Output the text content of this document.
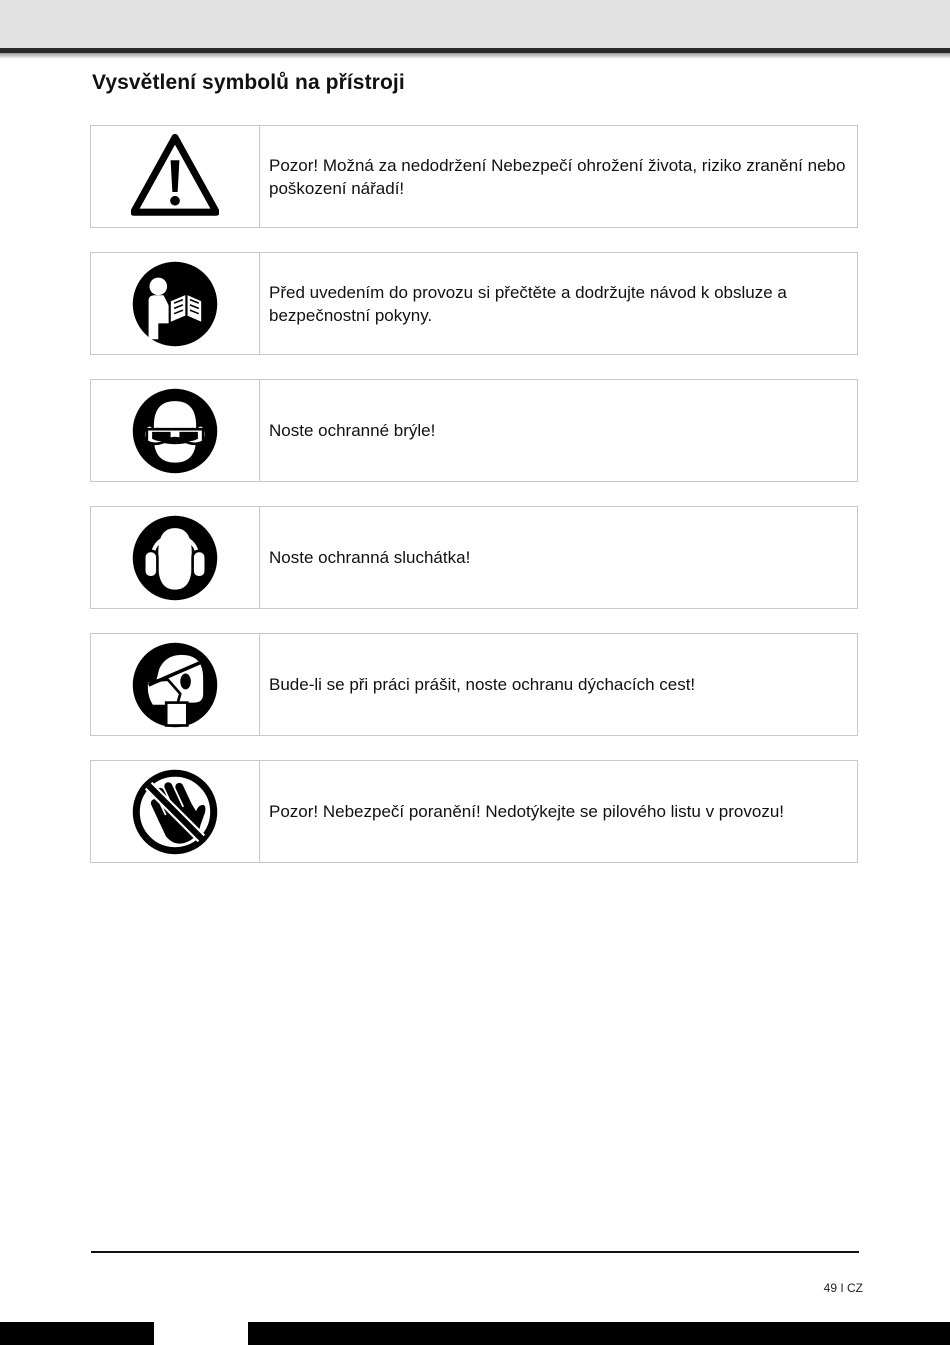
Vysvětlení symbolů na přístroji
Pozor! Možná za nedodržení Nebezpečí ohrožení života, riziko zranění nebo poškození nářadí!
Před uvedením do provozu si přečtěte a dodržujte návod k obsluze a bezpečnostní pokyny.
Noste ochranné brýle!
Noste ochranná sluchátka!
Bude-li se při práci prášit, noste ochranu dýchacích cest!
Pozor! Nebezpečí poranění! Nedotýkejte se pilového listu v provozu!
49 I CZ
